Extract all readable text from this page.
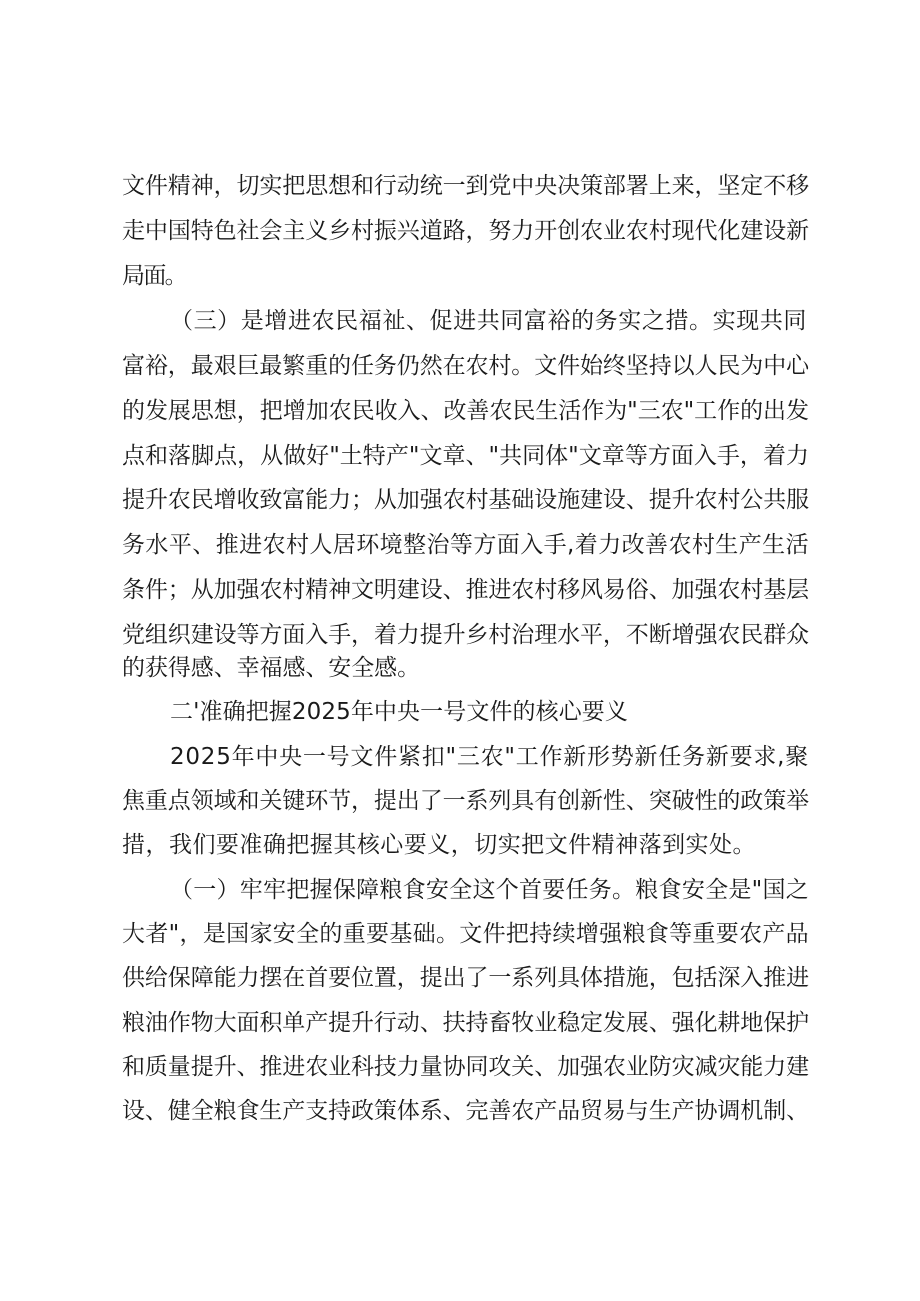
文件精神，切实把思想和行动统一到党中央决策部署上来，坚定不移
走中国特色社会主义乡村振兴道路，努力开创农业农村现代化建设新
局面。
（三）是增进农民福祉、促进共同富裕的务实之措。实现共同
富裕，最艰巨最繁重的任务仍然在农村。文件始终坚持以人民为中心
的发展思想，把增加农民收入、改善农民生活作为"三农"工作的出发
点和落脚点，从做好"土特产"文章、"共同体"文章等方面入手，着力
提升农民增收致富能力；从加强农村基础设施建设、提升农村公共服
务水平、推进农村人居环境整治等方面入手,着力改善农村生产生活
条件；从加强农村精神文明建设、推进农村移风易俗、加强农村基层
党组织建设等方面入手，着力提升乡村治理水平，不断增强农民群众
的获得感、幸福感、安全感。
二'准确把握2025年中央一号文件的核心要义
2025年中央一号文件紧扣"三农"工作新形势新任务新要求,聚
焦重点领域和关键环节，提出了一系列具有创新性、突破性的政策举
措，我们要准确把握其核心要义，切实把文件精神落到实处。
（一）牢牢把握保障粮食安全这个首要任务。粮食安全是"国之
大者"，是国家安全的重要基础。文件把持续增强粮食等重要农产品
供给保障能力摆在首要位置，提出了一系列具体措施，包括深入推进
粮油作物大面积单产提升行动、扶持畜牧业稳定发展、强化耕地保护
和质量提升、推进农业科技力量协同攻关、加强农业防灾减灾能力建
设、健全粮食生产支持政策体系、完善农产品贸易与生产协调机制、
